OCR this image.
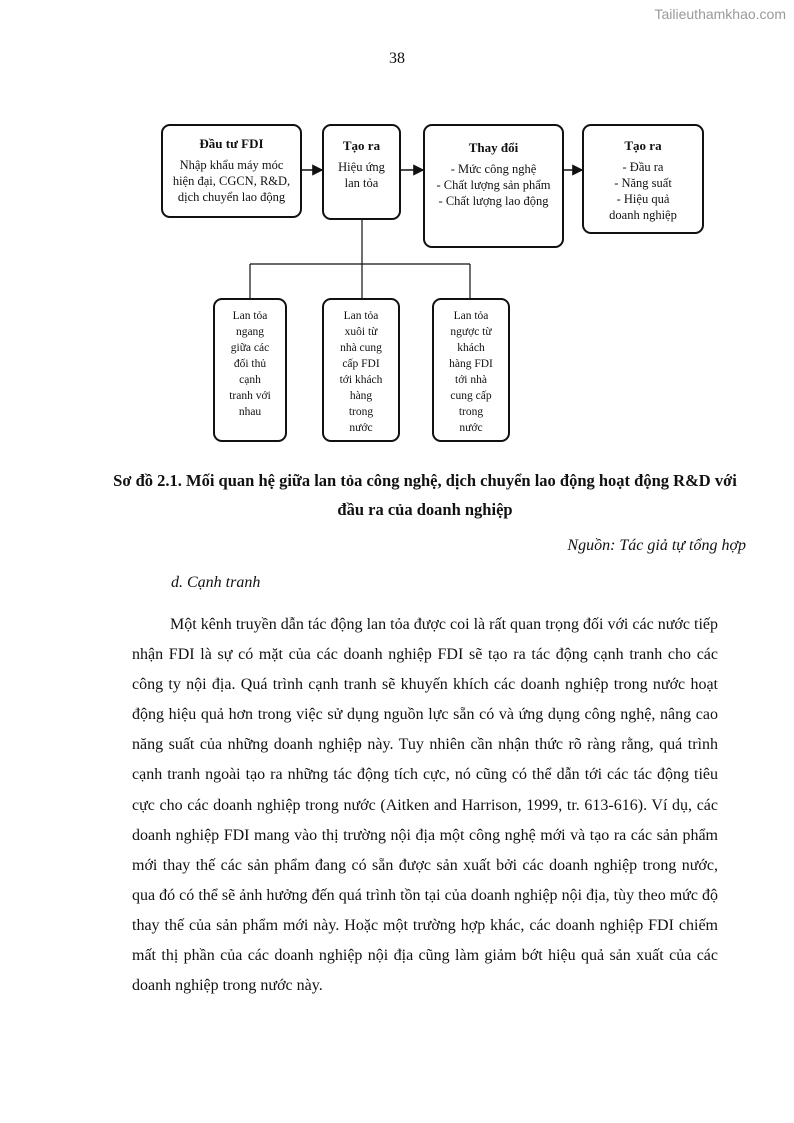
Tailieuthamkhao.com
38
Đầu tư FDI
Nhập khẩu máy móc
hiện đại, CGCN, R&D,
dịch chuyển lao động
Tạo ra
Hiệu ứng
lan tỏa
Thay đổi
- Mức công nghệ
- Chất lượng sản phẩm
- Chất lượng lao động
Tạo ra
- Đầu ra
- Năng suất
- Hiệu quả
doanh nghiệp
Lan tỏa
ngang
giữa các
đối thủ
cạnh
tranh với
nhau
Lan tỏa
xuôi từ
nhà cung
cấp FDI
tới khách
hàng
trong
nước
Lan tỏa
ngược từ
khách
hàng FDI
tới nhà
cung cấp
trong
nước
Sơ đồ 2.1. Mối quan hệ giữa lan tỏa công nghệ, dịch chuyển lao động hoạt động R&D với đầu ra của doanh nghiệp
Nguồn: Tác giả tự tổng hợp
d. Cạnh tranh
Một kênh truyền dẫn tác động lan tỏa được coi là rất quan trọng đối với các nước tiếp nhận FDI là sự có mặt của các doanh nghiệp FDI sẽ tạo ra tác động cạnh tranh cho các công ty nội địa. Quá trình cạnh tranh sẽ khuyến khích các doanh nghiệp trong nước hoạt động hiệu quả hơn trong việc sử dụng nguồn lực sẵn có và ứng dụng công nghệ, nâng cao năng suất của những doanh nghiệp này. Tuy nhiên cần nhận thức rõ ràng rằng, quá trình cạnh tranh ngoài tạo ra những tác động tích cực, nó cũng có thể dẫn tới các tác động tiêu cực cho các doanh nghiệp trong nước (Aitken and Harrison, 1999, tr. 613-616). Ví dụ, các doanh nghiệp FDI mang vào thị trường nội địa một công nghệ mới và tạo ra các sản phẩm mới thay thế các sản phẩm đang có sẵn được sản xuất bởi các doanh nghiệp trong nước, qua đó có thể sẽ ảnh hưởng đến quá trình tồn tại của doanh nghiệp nội địa, tùy theo mức độ thay thế của sản phẩm mới này. Hoặc một trường hợp khác, các doanh nghiệp FDI chiếm mất thị phần của các doanh nghiệp nội địa cũng làm giảm bớt hiệu quả sản xuất của các doanh nghiệp trong nước này.
